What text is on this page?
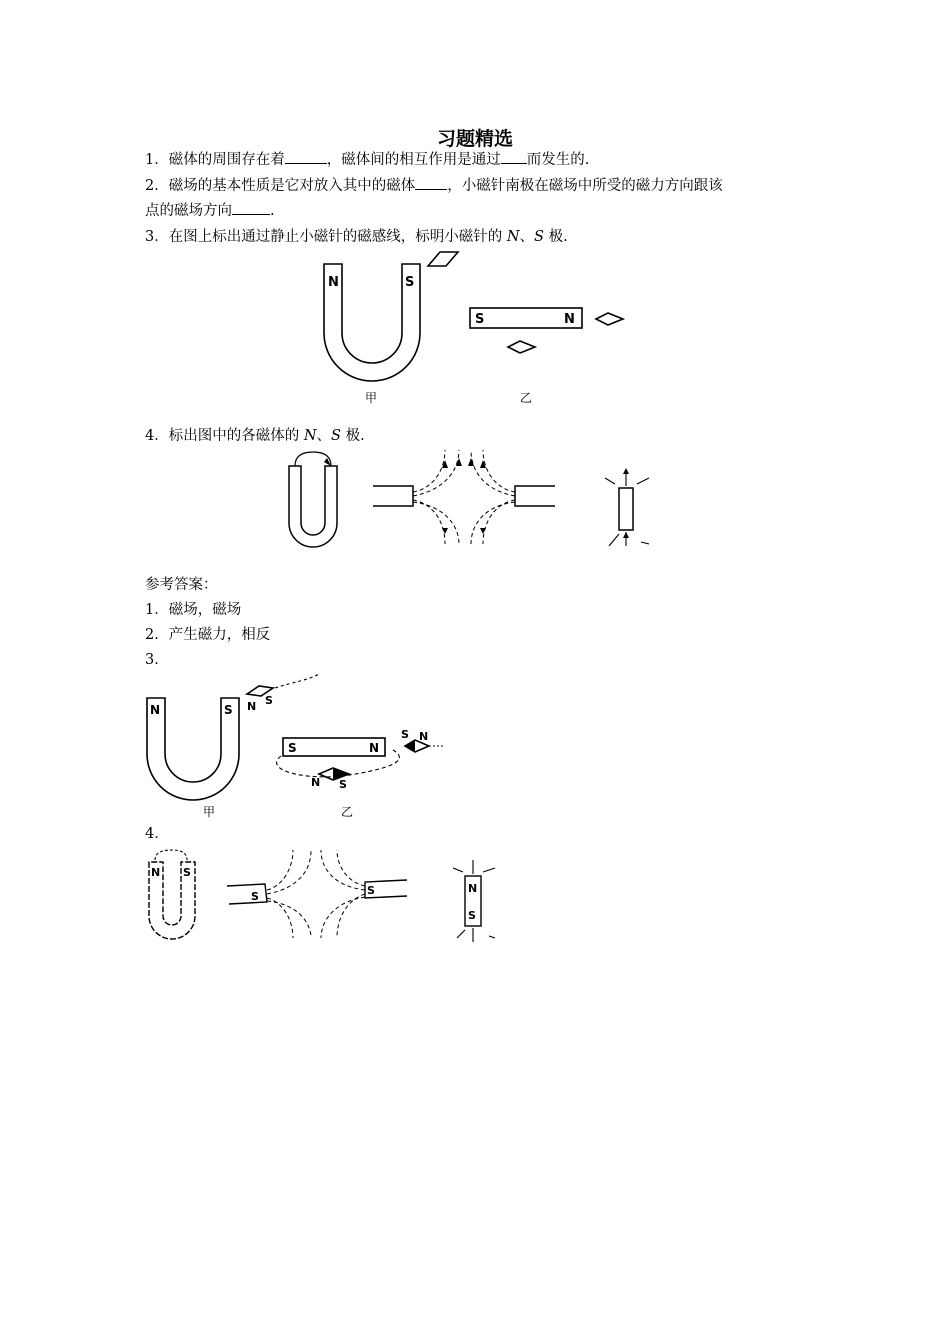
习题精选
1．磁体的周围存在着	，磁体间的相互作用是通过 而发生的.
2．磁场的基本性质是它对放入其中的磁体 ，小磁针南极在磁场中所受的磁力方向跟该
点的磁场方向	.
3．在图上标出通过静止小磁针的磁感线，标明小磁针的 N、S 极.
N	S
S	N
甲	乙
4．标出图中的各磁体的 N、S 极.
参考答案：
1．磁场，磁场
2．产生磁力，相反
3．
N	S N S
S	N
S N
N S
甲	乙
4．
N S
S	S	N
S
